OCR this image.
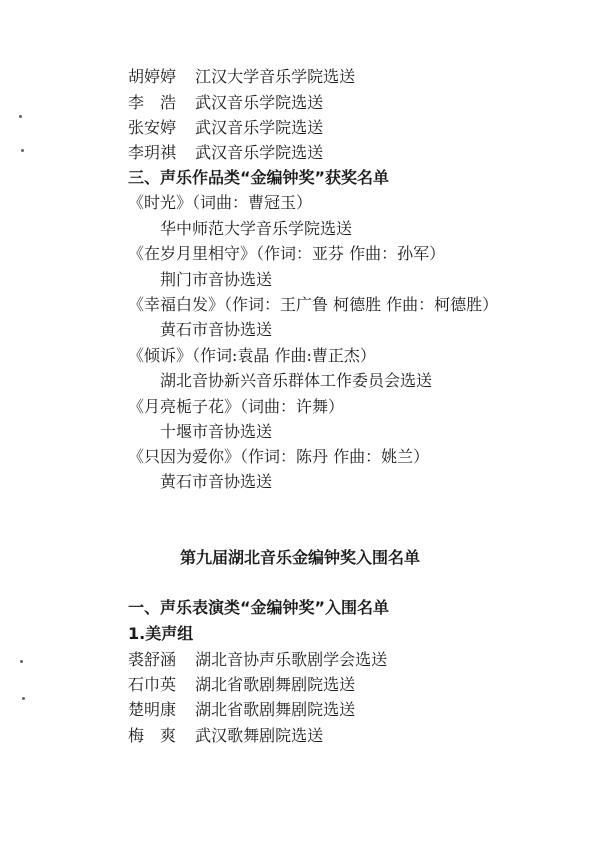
胡婷婷 江汉大学音乐学院选送
李　浩 武汉音乐学院选送
张安婷 武汉音乐学院选送
李玥祺 武汉音乐学院选送
三、声乐作品类“金编钟奖”获奖名单
《时光》（词曲：曹冠玉）
华中师范大学音乐学院选送
《在岁月里相守》（作词：亚芬 作曲：孙军）
荆门市音协选送
《幸福白发》（作词：王广鲁 柯德胜 作曲：柯德胜）
黄石市音协选送
《倾诉》（作词:袁晶 作曲:曹正杰）
湖北音协新兴音乐群体工作委员会选送
《月亮栀子花》（词曲：许舞）
十堰市音协选送
《只因为爱你》（作词：陈丹 作曲：姚兰）
黄石市音协选送
第九届湖北音乐金编钟奖入围名单
一、声乐表演类“金编钟奖”入围名单
1.美声组
裘舒涵 湖北音协声乐歌剧学会选送
石巾英 湖北省歌剧舞剧院选送
楚明康 湖北省歌剧舞剧院选送
梅　爽 武汉歌舞剧院选送
